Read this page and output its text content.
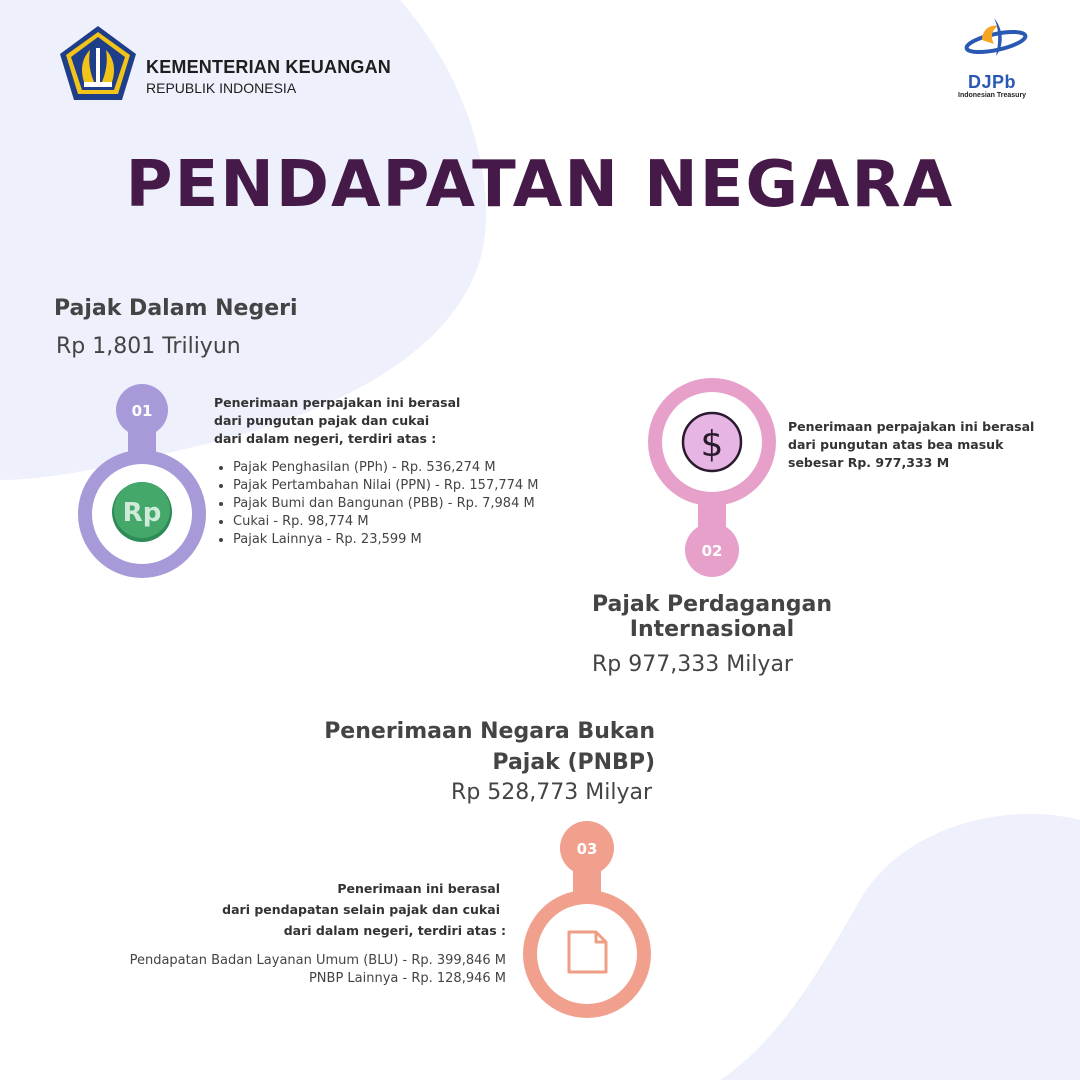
KEMENTERIAN KEUANGAN
REPUBLIK INDONESIA	DJPb
Indonesian Treasury
PENDAPATAN NEGARA
Pajak Dalam Negeri
Rp 1,801 Triliyun
01
Rp
Penerimaan perpajakan ini berasal
dari pungutan pajak dan cukai
dari dalam negeri, terdiri atas :
• Pajak Penghasilan (PPh) - Rp. 536,274 M
• Pajak Pertambahan Nilai (PPN) - Rp. 157,774 M
• Pajak Bumi dan Bangunan (PBB) - Rp. 7,984 M
• Cukai - Rp. 98,774 M
• Pajak Lainnya - Rp. 23,599 M
02
$	Penerimaan perpajakan ini berasal
dari pungutan atas bea masuk
sebesar Rp. 977,333 M
Pajak Perdagangan
Internasional
Rp 977,333 Milyar
Penerimaan Negara Bukan
Pajak (PNBP)
Rp 528,773 Milyar
03
Penerimaan ini berasal
dari pendapatan selain pajak dan cukai
dari dalam negeri, terdiri atas :
Pendapatan Badan Layanan Umum (BLU) - Rp. 399,846 M
PNBP Lainnya - Rp. 128,946 M
